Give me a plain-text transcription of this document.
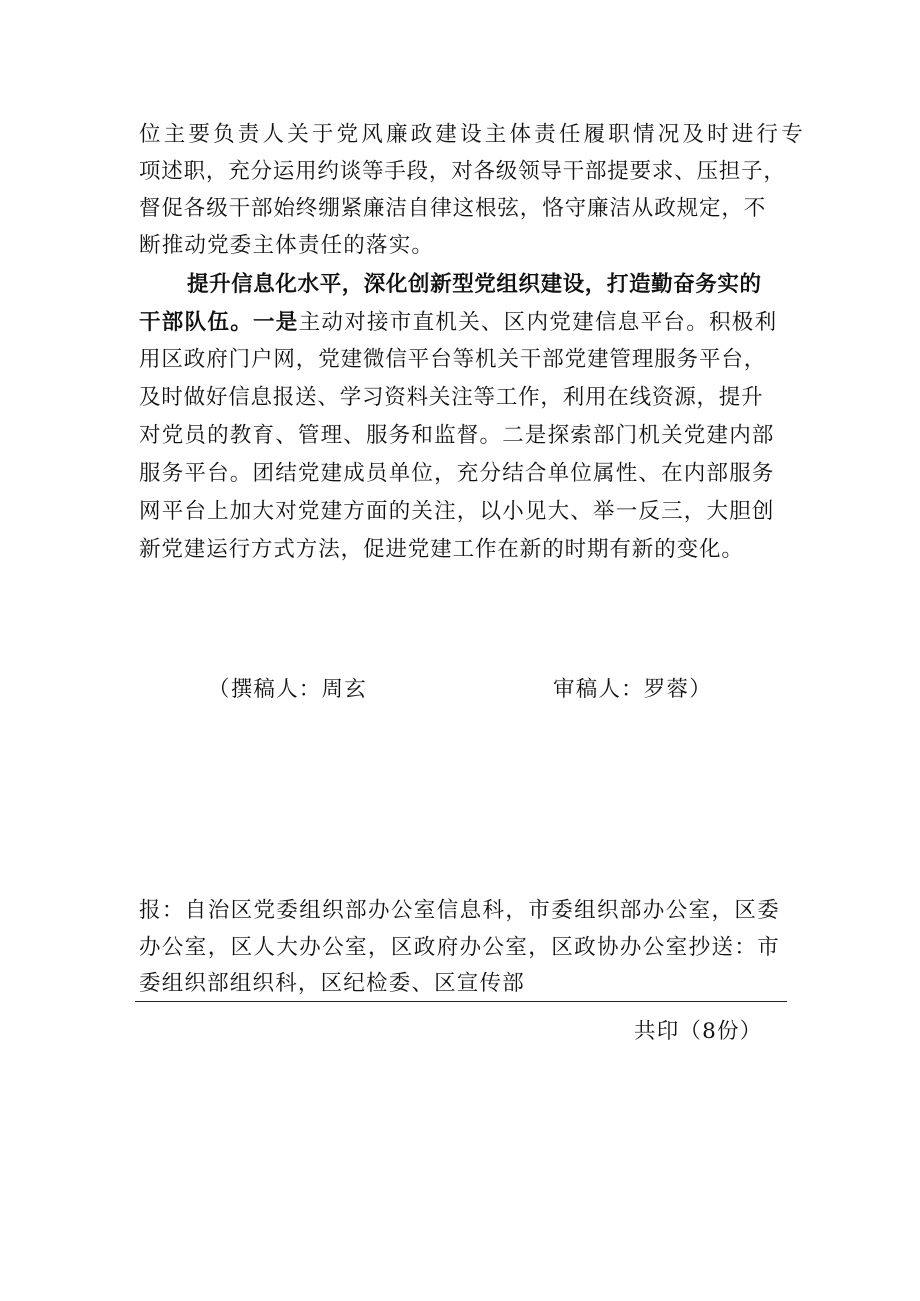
位主要负责人关于党风廉政建设主体责任履职情况及时进行专
项述职，充分运用约谈等手段，对各级领导干部提要求、压担子，
督促各级干部始终绷紧廉洁自律这根弦，恪守廉洁从政规定，不
断推动党委主体责任的落实。
提升信息化水平，深化创新型党组织建设，打造勤奋务实的
干部队伍。一是主动对接市直机关、区内党建信息平台。积极利
用区政府门户网，党建微信平台等机关干部党建管理服务平台，
及时做好信息报送、学习资料关注等工作，利用在线资源，提升
对党员的教育、管理、服务和监督。二是探索部门机关党建内部
服务平台。团结党建成员单位，充分结合单位属性、在内部服务
网平台上加大对党建方面的关注，以小见大、举一反三，大胆创
新党建运行方式方法，促进党建工作在新的时期有新的变化。
（撰稿人：周玄	审稿人：罗蓉）
报：自治区党委组织部办公室信息科，市委组织部办公室，区委
办公室，区人大办公室，区政府办公室，区政协办公室抄送：市
委组织部组织科，区纪检委、区宣传部
共印（8份）
